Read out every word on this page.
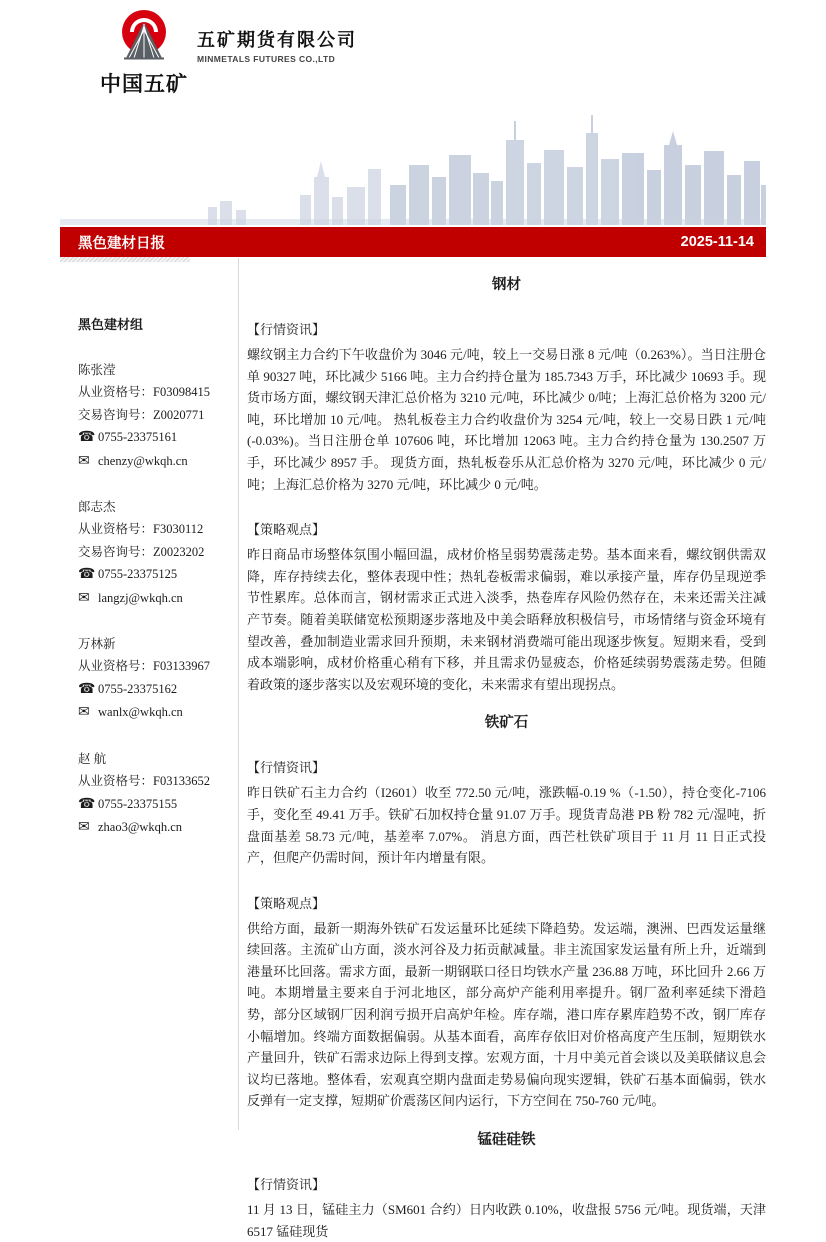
中国五矿
五矿期货有限公司
MINMETALS FUTURES CO.,LTD
黑色建材日报	2025-11-14
黑色建材组
陈张滢
从业资格号：F03098415
交易咨询号：Z0020771
☎ 0755-23375161
✉ chenzy@wkqh.cn
郎志杰
从业资格号：F3030112
交易咨询号：Z0023202
☎ 0755-23375125
✉ langzj@wkqh.cn
万林新
从业资格号：F03133967
☎ 0755-23375162
✉ wanlx@wkqh.cn
赵 航
从业资格号：F03133652
☎ 0755-23375155
✉ zhao3@wkqh.cn
钢材
【行情资讯】

螺纹钢主力合约下午收盘价为 3046 元/吨，较上一交易日涨 8 元/吨（0.263%）。当日注册仓单 90327 吨，环比减少 5166 吨。主力合约持仓量为 185.7343 万手，环比减少 10693 手。现货市场方面，螺纹钢天津汇总价格为 3210 元/吨，环比减少 0/吨；上海汇总价格为 3200 元/吨，环比增加 10 元/吨。 热轧板卷主力合约收盘价为 3254 元/吨，较上一交易日跌 1 元/吨(-0.03%)。当日注册仓单 107606 吨，环比增加 12063 吨。主力合约持仓量为 130.2507 万手，环比减少 8957 手。 现货方面，热轧板卷乐从汇总价格为 3270 元/吨，环比减少 0 元/吨；上海汇总价格为 3270 元/吨，环比减少 0 元/吨。

【策略观点】

昨日商品市场整体氛围小幅回温，成材价格呈弱势震荡走势。基本面来看，螺纹钢供需双降，库存持续去化，整体表现中性；热轧卷板需求偏弱，难以承接产量，库存仍呈现逆季节性累库。总体而言，钢材需求正式进入淡季，热卷库存风险仍然存在，未来还需关注减产节奏。随着美联储宽松预期逐步落地及中美会晤释放积极信号，市场情绪与资金环境有望改善，叠加制造业需求回升预期，未来钢材消费端可能出现逐步恢复。短期来看，受到成本端影响，成材价格重心稍有下移，并且需求仍显疲态，价格延续弱势震荡走势。但随着政策的逐步落实以及宏观环境的变化，未来需求有望出现拐点。

铁矿石
【行情资讯】

昨日铁矿石主力合约（I2601）收至 772.50 元/吨，涨跌幅-0.19 %（-1.50），持仓变化-7106 手，变化至 49.41 万手。铁矿石加权持仓量 91.07 万手。现货青岛港 PB 粉 782 元/湿吨，折盘面基差 58.73 元/吨，基差率 7.07%。 消息方面，西芒杜铁矿项目于 11 月 11 日正式投产，但爬产仍需时间，预计年内增量有限。

【策略观点】

供给方面，最新一期海外铁矿石发运量环比延续下降趋势。发运端，澳洲、巴西发运量继续回落。主流矿山方面，淡水河谷及力拓贡献减量。非主流国家发运量有所上升，近端到港量环比回落。需求方面，最新一期钢联口径日均铁水产量 236.88 万吨，环比回升 2.66 万吨。本期增量主要来自于河北地区，部分高炉产能利用率提升。钢厂盈利率延续下滑趋势，部分区域钢厂因利润亏损开启高炉年检。库存端，港口库存累库趋势不改，钢厂库存小幅增加。终端方面数据偏弱。从基本面看，高库存依旧对价格高度产生压制，短期铁水产量回升，铁矿石需求边际上得到支撑。宏观方面，十月中美元首会谈以及美联储议息会议均已落地。整体看，宏观真空期内盘面走势易偏向现实逻辑，铁矿石基本面偏弱，铁水反弹有一定支撑，短期矿价震荡区间内运行，下方空间在 750-760 元/吨。

锰硅硅铁
【行情资讯】

11 月 13 日，锰硅主力（SM601 合约）日内收跌 0.10%，收盘报 5756 元/吨。现货端，天津 6517 锰硅现货
